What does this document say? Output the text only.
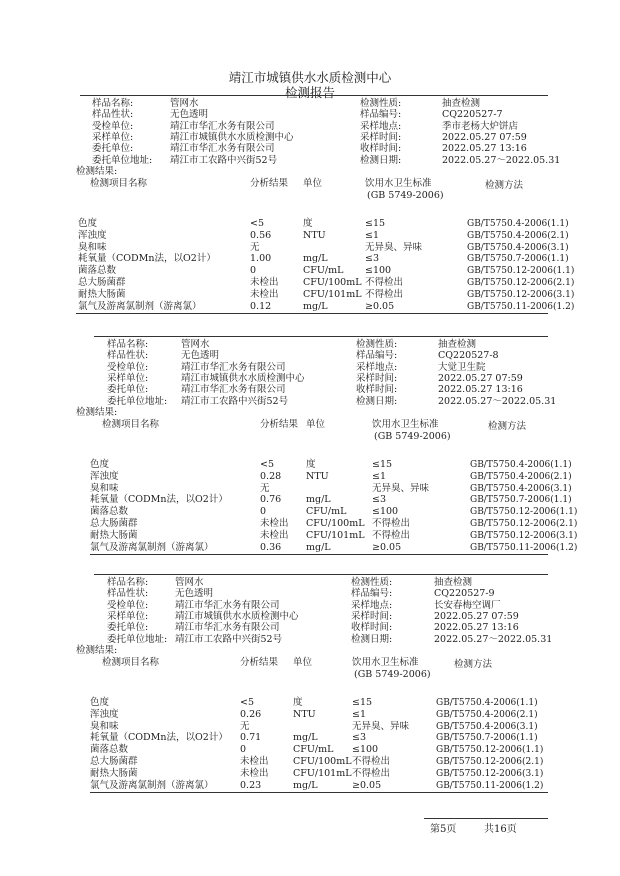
靖江市城镇供水水质检测中心
检测报告
样品名称:	管网水	检测性质:	抽查检测
样品性状:	无色透明	样品编号:	CQ220527-7
受检单位:	靖江市华汇水务有限公司	采样地点:	季市老杨大炉饼店
采样单位:	靖江市城镇供水水质检测中心	采样时间:	2022.05.27 07:59
委托单位:	靖江市华汇水务有限公司	收样时间:	2022.05.27 13:16
委托单位地址: 靖江市工农路中兴街52号	检测日期:	2022.05.27～2022.05.31
检测结果:
检测项目名称	分析结果 单位	饮用水卫生标准
(GB 5749-2006)
检测方法
色度	<5	度	≤15	GB/T5750.4-2006(1.1)
浑浊度	0.56	NTU	≤1	GB/T5750.4-2006(2.1)
臭和味	无	无异臭、异味	GB/T5750.4-2006(3.1)
耗氧量（CODMn法，以O2计）	1.00	mg/L	≤3	GB/T5750.7-2006(1.1)
菌落总数	0	CFU/mL ≤100	GB/T5750.12-2006(1.1)
总大肠菌群	未检出	CFU/100mL 不得检出	GB/T5750.12-2006(2.1)
耐热大肠菌	未检出	CFU/101mL 不得检出	GB/T5750.12-2006(3.1)
氯气及游离氯制剂（游离氯）	0.12	mg/L	≥0.05	GB/T5750.11-2006(1.2)
样品名称:	管网水	检测性质:	抽查检测
样品性状:	无色透明	样品编号:	CQ220527-8
受检单位:	靖江市华汇水务有限公司	采样地点:	大觉卫生院
采样单位:	靖江市城镇供水水质检测中心	采样时间:	2022.05.27 07:59
委托单位:	靖江市华汇水务有限公司	收样时间:	2022.05.27 13:16
委托单位地址: 靖江市工农路中兴街52号	检测日期:	2022.05.27～2022.05.31
检测结果:
检测项目名称	分析结果 单位	饮用水卫生标准
(GB 5749-2006)
检测方法
色度	<5	度	≤15	GB/T5750.4-2006(1.1)
浑浊度	0.28	NTU	≤1	GB/T5750.4-2006(2.1)
臭和味	无	无异臭、异味	GB/T5750.4-2006(3.1)
耗氧量（CODMn法，以O2计）	0.76	mg/L	≤3	GB/T5750.7-2006(1.1)
菌落总数	0	CFU/mL	≤100	GB/T5750.12-2006(1.1)
总大肠菌群	未检出 CFU/100mL 不得检出	GB/T5750.12-2006(2.1)
耐热大肠菌	未检出 CFU/101mL 不得检出	GB/T5750.12-2006(3.1)
氯气及游离氯制剂（游离氯）	0.36	mg/L	≥0.05	GB/T5750.11-2006(1.2)
样品名称:	管网水	检测性质:	抽查检测
样品性状:	无色透明	样品编号:	CQ220527-9
受检单位:	靖江市华汇水务有限公司	采样地点:	长安春梅空调厂
采样单位:	靖江市城镇供水水质检测中心	采样时间:	2022.05.27 07:59
委托单位:	靖江市华汇水务有限公司	收样时间:	2022.05.27 13:16
委托单位地址: 靖江市工农路中兴街52号	检测日期:	2022.05.27～2022.05.31
检测结果:
检测项目名称	分析结果 单位	饮用水卫生标准
(GB 5749-2006)
检测方法
色度	<5	度	≤15	GB/T5750.4-2006(1.1)
浑浊度	0.26	NTU	≤1	GB/T5750.4-2006(2.1)
臭和味	无	无异臭、异味	GB/T5750.4-2006(3.1)
耗氧量（CODMn法，以O2计） 0.71	mg/L	≤3	GB/T5750.7-2006(1.1)
菌落总数	0	CFU/mL ≤100	GB/T5750.12-2006(1.1)
总大肠菌群	未检出	CFU/100mL 不得检出	GB/T5750.12-2006(2.1)
耐热大肠菌	未检出	CFU/101mL 不得检出	GB/T5750.12-2006(3.1)
氯气及游离氯制剂（游离氯）	0.23	mg/L	≥0.05	GB/T5750.11-2006(1.2)
第5页	共16页
